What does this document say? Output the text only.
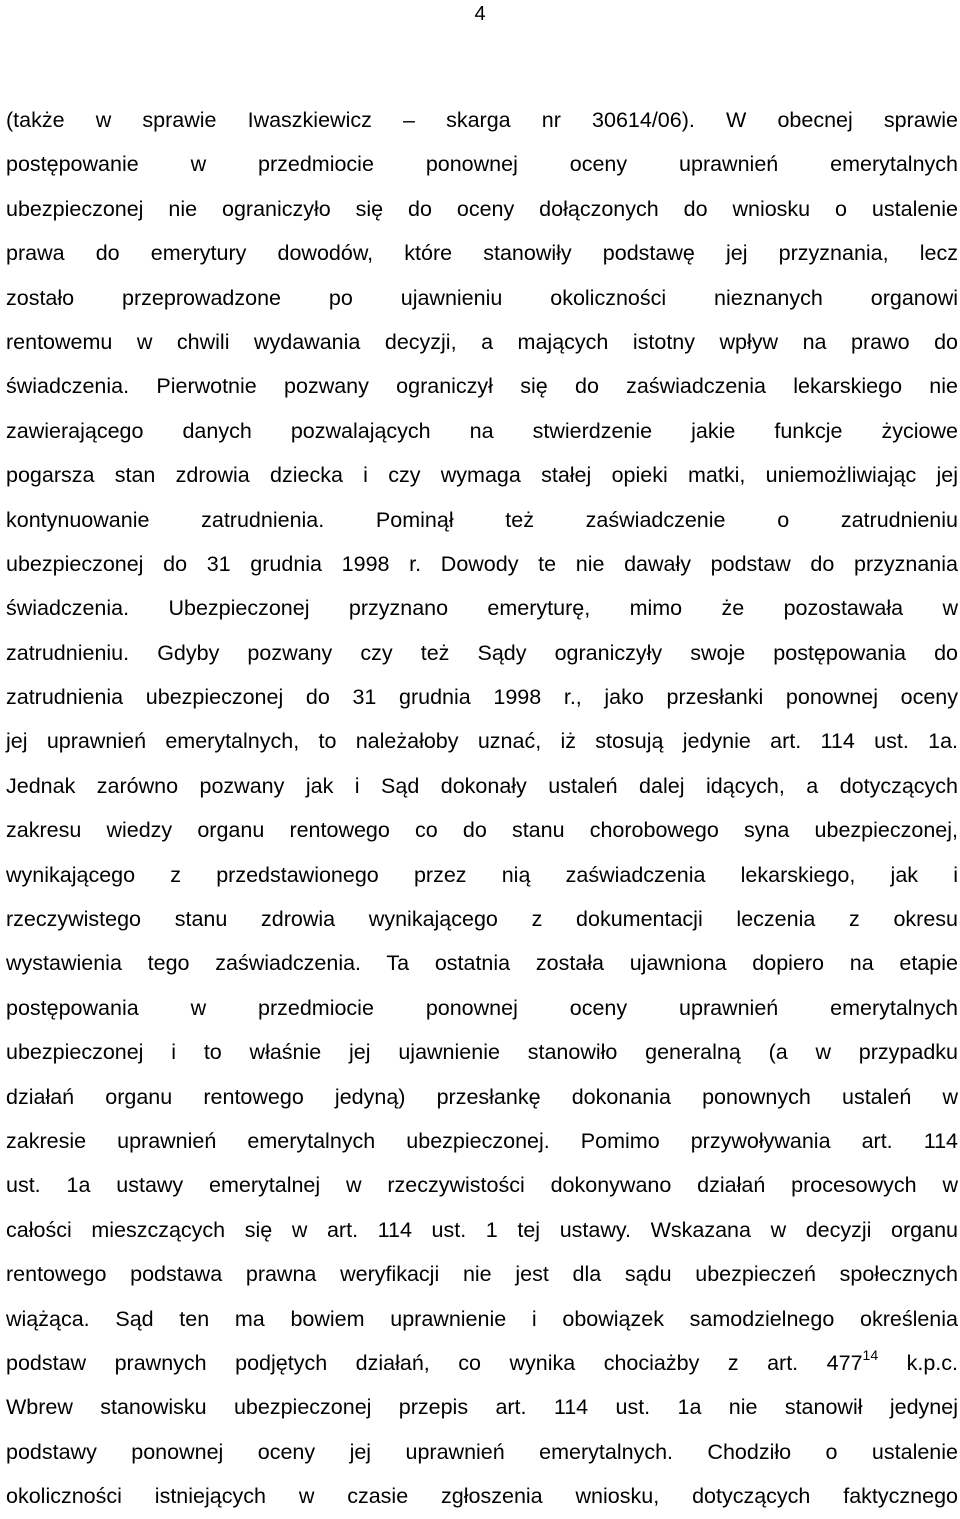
4
(także w sprawie Iwaszkiewicz – skarga nr 30614/06). W obecnej sprawie
postępowanie w przedmiocie ponownej oceny uprawnień emerytalnych
ubezpieczonej nie ograniczyło się do oceny dołączonych do wniosku o ustalenie
prawa do emerytury dowodów, które stanowiły podstawę jej przyznania, lecz
zostało przeprowadzone po ujawnieniu okoliczności nieznanych organowi
rentowemu w chwili wydawania decyzji, a mających istotny wpływ na prawo do
świadczenia. Pierwotnie pozwany ograniczył się do zaświadczenia lekarskiego nie
zawierającego danych pozwalających na stwierdzenie jakie funkcje życiowe
pogarsza stan zdrowia dziecka i czy wymaga stałej opieki matki, uniemożliwiając jej
kontynuowanie zatrudnienia. Pominął też zaświadczenie o zatrudnieniu
ubezpieczonej do 31 grudnia 1998 r. Dowody te nie dawały podstaw do przyznania
świadczenia. Ubezpieczonej przyznano emeryturę, mimo że pozostawała w
zatrudnieniu. Gdyby pozwany czy też Sądy ograniczyły swoje postępowania do
zatrudnienia ubezpieczonej do 31 grudnia 1998 r., jako przesłanki ponownej oceny
jej uprawnień emerytalnych, to należałoby uznać, iż stosują jedynie art. 114 ust. 1a.
Jednak zarówno pozwany jak i Sąd dokonały ustaleń dalej idących, a dotyczących
zakresu wiedzy organu rentowego co do stanu chorobowego syna ubezpieczonej,
wynikającego z przedstawionego przez nią zaświadczenia lekarskiego, jak i
rzeczywistego stanu zdrowia wynikającego z dokumentacji leczenia z okresu
wystawienia tego zaświadczenia. Ta ostatnia została ujawniona dopiero na etapie
postępowania w przedmiocie ponownej oceny uprawnień emerytalnych
ubezpieczonej i to właśnie jej ujawnienie stanowiło generalną (a w przypadku
działań organu rentowego jedyną) przesłankę dokonania ponownych ustaleń w
zakresie uprawnień emerytalnych ubezpieczonej. Pomimo przywoływania art. 114
ust. 1a ustawy emerytalnej w rzeczywistości dokonywano działań procesowych w
całości mieszczących się w art. 114 ust. 1 tej ustawy. Wskazana w decyzji organu
rentowego podstawa prawna weryfikacji nie jest dla sądu ubezpieczeń społecznych
wiążąca. Sąd ten ma bowiem uprawnienie i obowiązek samodzielnego określenia
podstaw prawnych podjętych działań, co wynika chociażby z art. 477$^{14}$ k.p.c.
Wbrew stanowisku ubezpieczonej przepis art. 114 ust. 1a nie stanowił jedynej
podstawy ponownej oceny jej uprawnień emerytalnych. Chodziło o ustalenie
okoliczności istniejących w czasie zgłoszenia wniosku, dotyczących faktycznego
